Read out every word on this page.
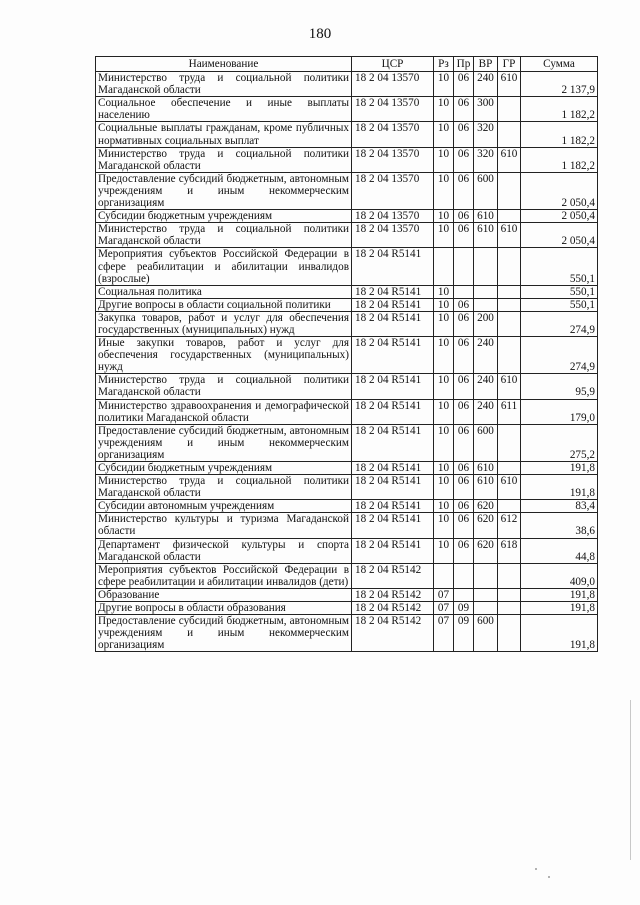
180
Наименование	ЦСР	Рз	Пр	ВР	ГР	Сумма
Министерство труда и социальной политики Магаданской области	18 2 04 13570	10	06	240	610	2 137,9
Социальное обеспечение и иные выплаты населению	18 2 04 13570	10	06	300		1 182,2
Социальные выплаты гражданам, кроме публичных нормативных социальных выплат	18 2 04 13570	10	06	320		1 182,2
Министерство труда и социальной политики Магаданской области	18 2 04 13570	10	06	320	610	1 182,2
Предоставление субсидий бюджетным, автономным учреждениям и иным некоммерческим организациям	18 2 04 13570	10	06	600		2 050,4
Субсидии бюджетным учреждениям	18 2 04 13570	10	06	610		2 050,4
Министерство труда и социальной политики Магаданской области	18 2 04 13570	10	06	610	610	2 050,4
Мероприятия субъектов Российской Федерации в сфере реабилитации и абилитации инвалидов (взрослые)	18 2 04 R5141					550,1
Социальная политика	18 2 04 R5141	10				550,1
Другие вопросы в области социальной политики	18 2 04 R5141	10	06			550,1
Закупка товаров, работ и услуг для обеспечения государственных (муниципальных) нужд	18 2 04 R5141	10	06	200		274,9
Иные закупки товаров, работ и услуг для обеспечения государственных (муниципальных) нужд	18 2 04 R5141	10	06	240		274,9
Министерство труда и социальной политики Магаданской области	18 2 04 R5141	10	06	240	610	95,9
Министерство здравоохранения и демографической политики Магаданской области	18 2 04 R5141	10	06	240	611	179,0
Предоставление субсидий бюджетным, автономным учреждениям и иным некоммерческим организациям	18 2 04 R5141	10	06	600		275,2
Субсидии бюджетным учреждениям	18 2 04 R5141	10	06	610		191,8
Министерство труда и социальной политики Магаданской области	18 2 04 R5141	10	06	610	610	191,8
Субсидии автономным учреждениям	18 2 04 R5141	10	06	620		83,4
Министерство культуры и туризма Магаданской области	18 2 04 R5141	10	06	620	612	38,6
Департамент физической культуры и спорта Магаданской области	18 2 04 R5141	10	06	620	618	44,8
Мероприятия субъектов Российской Федерации в сфере реабилитации и абилитации инвалидов (дети)	18 2 04 R5142					409,0
Образование	18 2 04 R5142	07				191,8
Другие вопросы в области образования	18 2 04 R5142	07	09			191,8
Предоставление субсидий бюджетным, автономным учреждениям и иным некоммерческим организациям	18 2 04 R5142	07	09	600		191,8
